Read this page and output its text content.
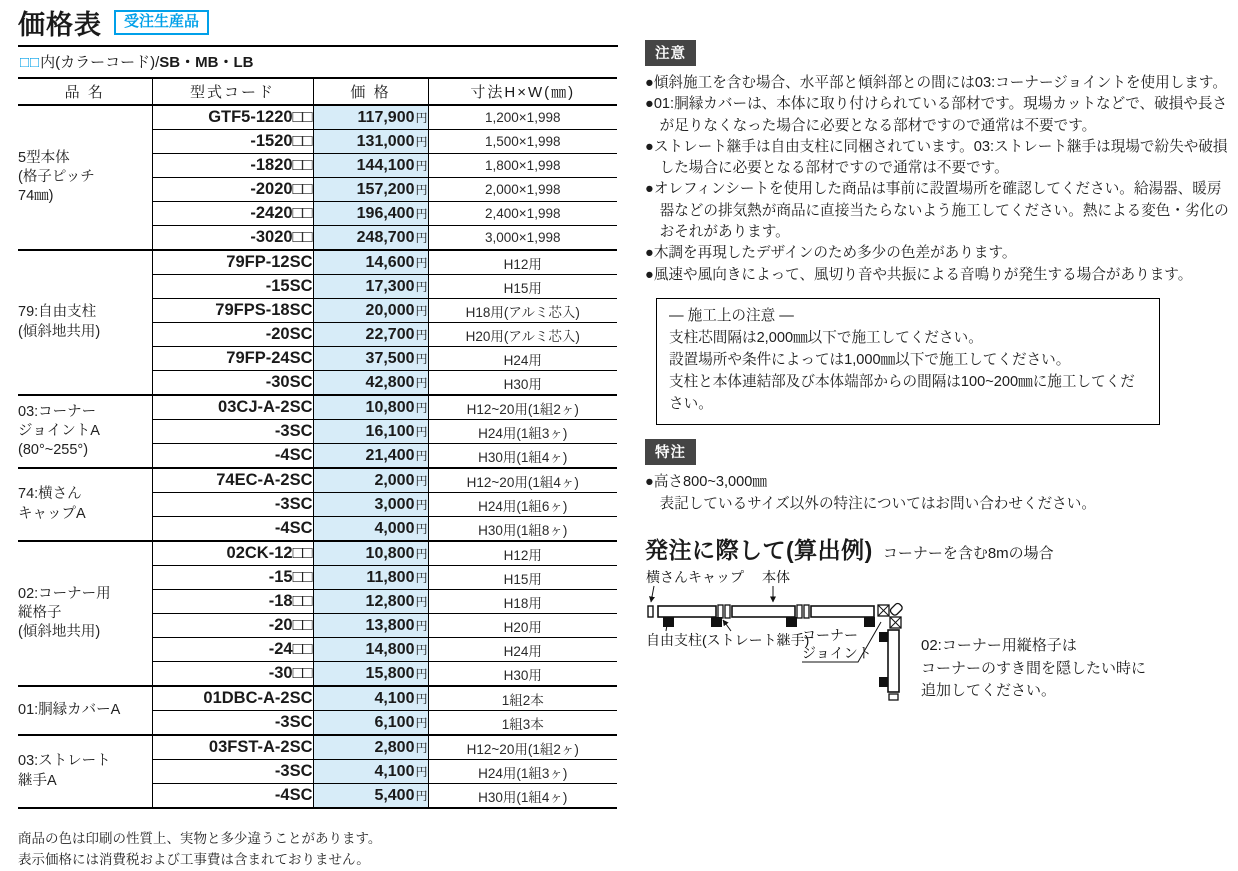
価格表	受注生産品
□□内(カラーコード)/SB・MB・LB
品 名	型式コード	価 格	寸法H×W(㎜)

5型本体
(格子ピッチ
74㎜)	GTF5-1220□□	117,900円	1,200×1,998
	-1520□□	131,000円	1,500×1,998
	-1820□□	144,100円	1,800×1,998
	-2020□□	157,200円	2,000×1,998
	-2420□□	196,400円	2,400×1,998
	-3020□□	248,700円	3,000×1,998

79:自由支柱
(傾斜地共用)	79FP-12SC	14,600円	H12用
	-15SC	17,300円	H15用
	79FPS-18SC	20,000円	H18用(アルミ芯入)
	-20SC	22,700円	H20用(アルミ芯入)
	79FP-24SC	37,500円	H24用
	-30SC	42,800円	H30用

03:コーナー
ジョイントA
(80°~255°)	03CJ-A-2SC	10,800円	H12~20用(1組2ヶ)
	-3SC	16,100円	H24用(1組3ヶ)
	-4SC	21,400円	H30用(1組4ヶ)

74:横さん
キャップA	74EC-A-2SC	2,000円	H12~20用(1組4ヶ)
	-3SC	3,000円	H24用(1組6ヶ)
	-4SC	4,000円	H30用(1組8ヶ)

02:コーナー用
縦格子
(傾斜地共用)	02CK-12□□	10,800円	H12用
	-15□□	11,800円	H15用
	-18□□	12,800円	H18用
	-20□□	13,800円	H20用
	-24□□	14,800円	H24用
	-30□□	15,800円	H30用

01:胴縁カバーA	01DBC-A-2SC	4,100円	1組2本
	-3SC	6,100円	1組3本

03:ストレート
継手A	03FST-A-2SC	2,800円	H12~20用(1組2ヶ)
	-3SC	4,100円	H24用(1組3ヶ)
	-4SC	5,400円	H30用(1組4ヶ)
商品の色は印刷の性質上、実物と多少違うことがあります。
表示価格には消費税および工事費は含まれておりません。
注意
●傾斜施工を含む場合、水平部と傾斜部との間には03:コーナージョイントを使用します。
●01:胴縁カバーは、本体に取り付けられている部材です。現場カットなどで、破損や長さが足りなくなった場合に必要となる部材ですので通常は不要です。
●ストレート継手は自由支柱に同梱されています。03:ストレート継手は現場で紛失や破損した場合に必要となる部材ですので通常は不要です。
●オレフィンシートを使用した商品は事前に設置場所を確認してください。給湯器、暖房器などの排気熱が商品に直接当たらないよう施工してください。熱による変色・劣化のおそれがあります。
●木調を再現したデザインのため多少の色差があります。
●風速や風向きによって、風切り音や共振による音鳴りが発生する場合があります。
― 施工上の注意 ―
支柱芯間隔は2,000㎜以下で施工してください。
設置場所や条件によっては1,000㎜以下で施工してください。
支柱と本体連結部及び本体端部からの間隔は100~200㎜に施工してください。
特注
●高さ800~3,000㎜
表記しているサイズ以外の特注についてはお問い合わせください。
発注に際して(算出例) コーナーを含む8mの場合
横さんキャップ 本体
自由支柱(ストレート継手)
コーナー
ジョイント	02:コーナー用縦格子は
コーナーのすき間を隠したい時に
追加してください。
